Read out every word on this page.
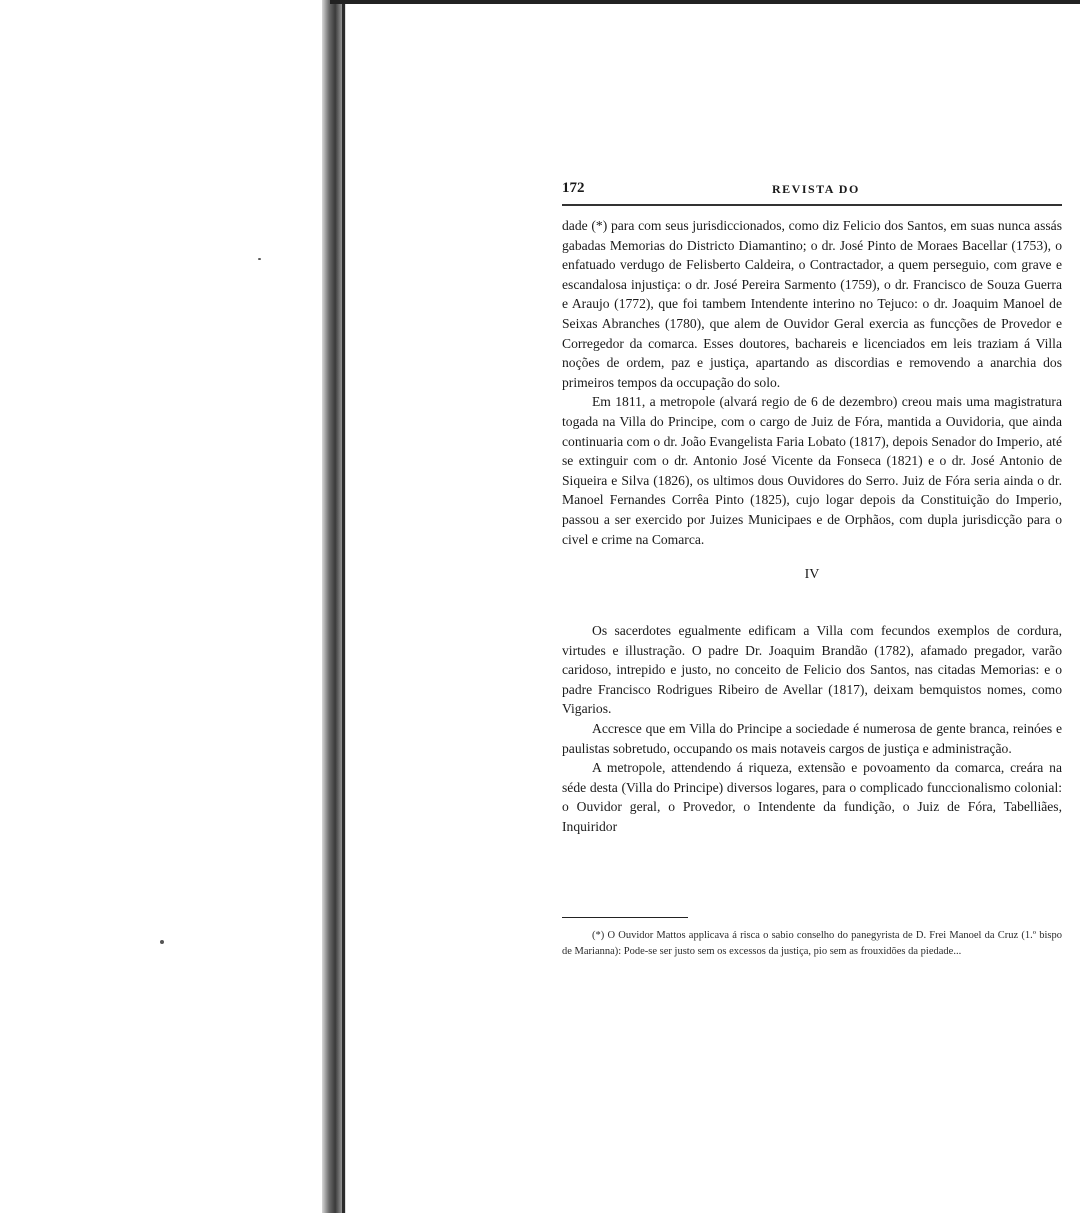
172	REVISTA DO

dade (*) para com seus jurisdiccionados, como diz Felicio dos Santos, em suas nunca assás gabadas Memorias do Districto Diamantino; o dr. José Pinto de Moraes Bacellar (1753), o enfatuado verdugo de Felisberto Caldeira, o Contractador, a quem perseguio, com grave e escandalosa injustiça: o dr. José Pereira Sarmento (1759), o dr. Francisco de Souza Guerra e Araujo (1772), que foi tambem Intendente interino no Tejuco: o dr. Joaquim Manoel de Seixas Abranches (1780), que alem de Ouvidor Geral exercia as funcções de Provedor e Corregedor da comarca. Esses doutores, bachareis e licenciados em leis traziam á Villa noções de ordem, paz e justiça, apartando as discordias e removendo a anarchia dos primeiros tempos da occupação do solo.

Em 1811, a metropole (alvará regio de 6 de dezembro) creou mais uma magistratura togada na Villa do Principe, com o cargo de Juiz de Fóra, mantida a Ouvidoria, que ainda continuaria com o dr. João Evangelista Faria Lobato (1817), depois Senador do Imperio, até se extinguir com o dr. Antonio José Vicente da Fonseca (1821) e o dr. José Antonio de Siqueira e Silva (1826), os ultimos dous Ouvidores do Serro. Juiz de Fóra seria ainda o dr. Manoel Fernandes Corrêa Pinto (1825), cujo logar depois da Constituição do Imperio, passou a ser exercido por Juizes Municipaes e de Orphãos, com dupla jurisdicção para o civel e crime na Comarca.

IV

Os sacerdotes egualmente edificam a Villa com fecundos exemplos de cordura, virtudes e illustração. O padre Dr. Joaquim Brandão (1782), afamado pregador, varão caridoso, intrepido e justo, no conceito de Felicio dos Santos, nas citadas Memorias: e o padre Francisco Rodrigues Ribeiro de Avellar (1817), deixam bemquistos nomes, como Vigarios.

Accresce que em Villa do Principe a sociedade é numerosa de gente branca, reinóes e paulistas sobretudo, occupando os mais notaveis cargos de justiça e administração.

A metropole, attendendo á riqueza, extensão e povoamento da comarca, creára na séde desta (Villa do Principe) diversos logares, para o complicado funccionalismo colonial: o Ouvidor geral, o Provedor, o Intendente da fundição, o Juiz de Fóra, Tabelliães, Inquiridor

(*) O Ouvidor Mattos applicava á risca o sabio conselho do panegyrista de D. Frei Manoel da Cruz (1.º bispo de Marianna): Pode-se ser justo sem os excessos da justiça, pio sem as frouxidões da piedade...
